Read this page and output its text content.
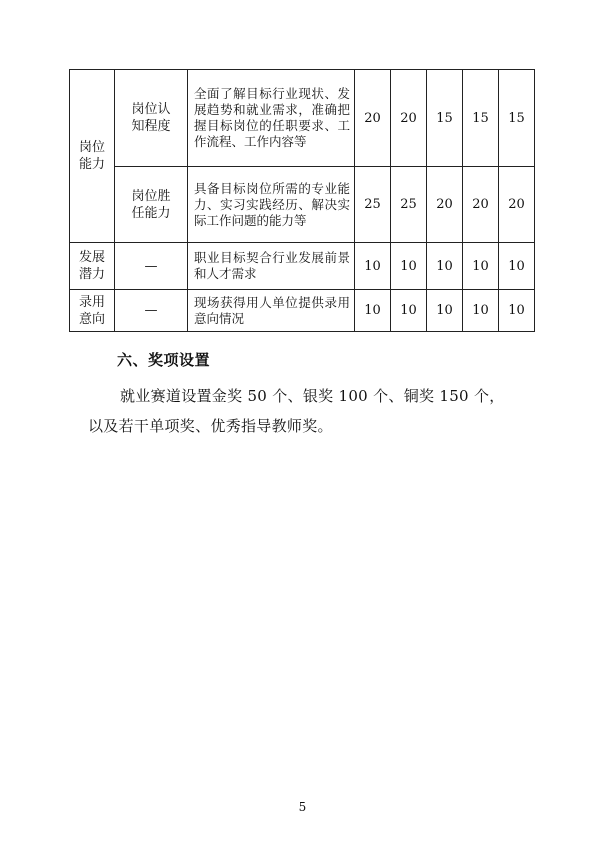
岗位能力	岗位认知程度	全面了解目标行业现状、发展趋势和就业需求，准确把握目标岗位的任职要求、工作流程、工作内容等	20	20	15	15	15
	岗位胜任能力	具备目标岗位所需的专业能力、实习实践经历、解决实际工作问题的能力等	25	25	20	20	20
发展潜力	—	职业目标契合行业发展前景和人才需求	10	10	10	10	10
录用意向	—	现场获得用人单位提供录用意向情况	10	10	10	10	10
六、奖项设置
就业赛道设置金奖 50 个、银奖 100 个、铜奖 150 个，
以及若干单项奖、优秀指导教师奖。
5
